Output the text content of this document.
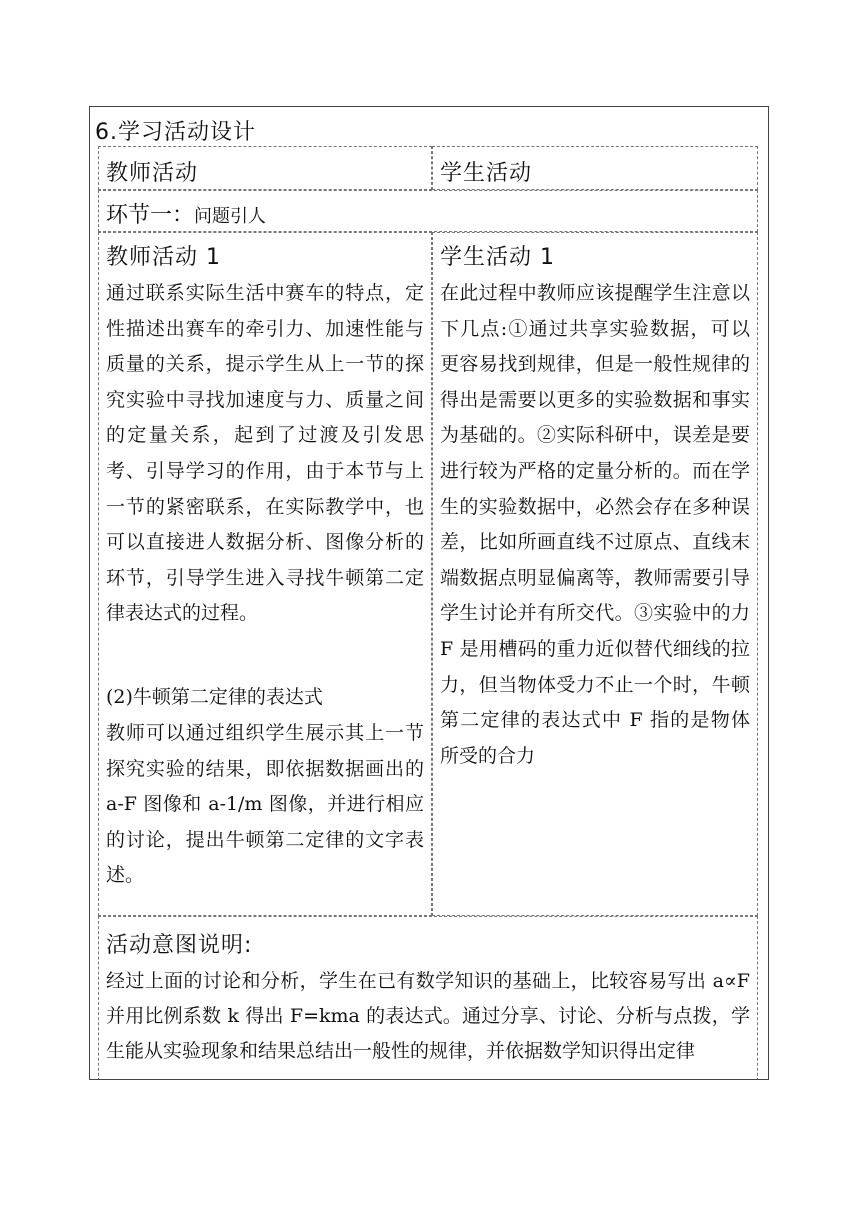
6.学习活动设计
教师活动	学生活动
环节一：问题引人
教师活动 1

通过联系实际生活中赛车的特点，定性描述出赛车的牵引力、加速性能与质量的关系，提示学生从上一节的探究实验中寻找加速度与力、质量之间的定量关系，起到了过渡及引发思考、引导学习的作用，由于本节与上一节的紧密联系，在实际教学中，也可以直接进人数据分析、图像分析的环节，引导学生进入寻找牛顿第二定律表达式的过程。

(2)牛顿第二定律的表达式

教师可以通过组织学生展示其上一节探究实验的结果，即依据数据画出的 a-F 图像和 a-1/m 图像，并进行相应的讨论，提出牛顿第二定律的文字表述。

学生活动 1

在此过程中教师应该提醒学生注意以下几点:①通过共享实验数据，可以更容易找到规律，但是一般性规律的得出是需要以更多的实验数据和事实为基础的。②实际科研中，误差是要进行较为严格的定量分析的。而在学生的实验数据中，必然会存在多种误差，比如所画直线不过原点、直线末端数据点明显偏离等，教师需要引导学生讨论并有所交代。③实验中的力 F 是用槽码的重力近似替代细线的拉力，但当物体受力不止一个时，牛顿第二定律的表达式中 F 指的是物体所受的合力

活动意图说明:

经过上面的讨论和分析，学生在已有数学知识的基础上，比较容易写出 a∝F 并用比例系数 k 得出 F=kma 的表达式。通过分享、讨论、分析与点拨，学生能从实验现象和结果总结出一般性的规律，并依据数学知识得出定律
